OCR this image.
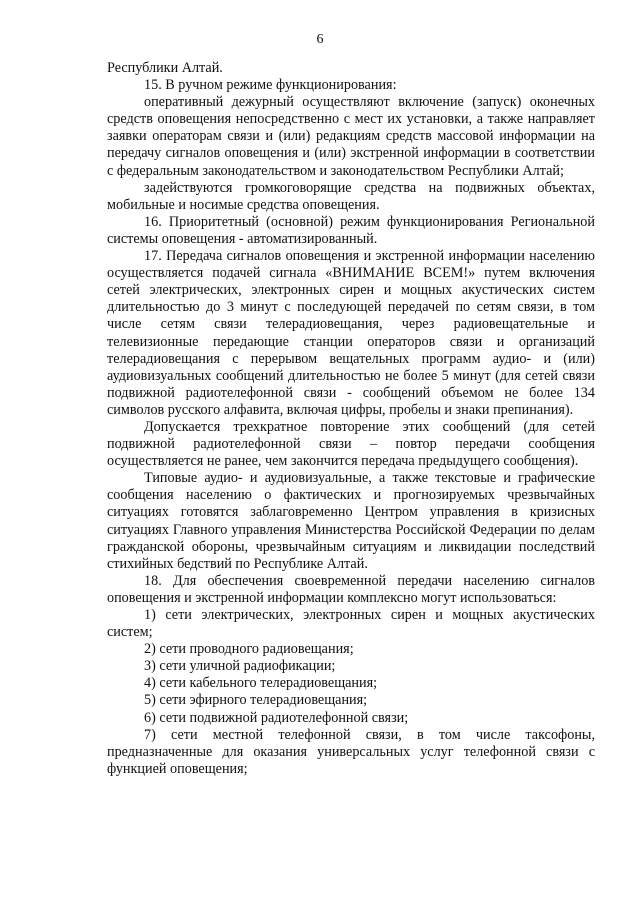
6

Республики Алтай.

15. В ручном режиме функционирования:

оперативный дежурный осуществляют включение (запуск) оконечных средств оповещения непосредственно с мест их установки, а также направляет заявки операторам связи и (или) редакциям средств массовой информации на передачу сигналов оповещения и (или) экстренной информации в соответствии с федеральным законодательством и законодательством Республики Алтай;

задействуются громкоговорящие средства на подвижных объектах, мобильные и носимые средства оповещения.

16. Приоритетный (основной) режим функционирования Региональной системы оповещения - автоматизированный.

17. Передача сигналов оповещения и экстренной информации населению осуществляется подачей сигнала «ВНИМАНИЕ ВСЕМ!» путем включения сетей электрических, электронных сирен и мощных акустических систем длительностью до 3 минут с последующей передачей по сетям связи, в том числе сетям связи телерадиовещания, через радиовещательные и телевизионные передающие станции операторов связи и организаций телерадиовещания с перерывом вещательных программ аудио- и (или) аудиовизуальных сообщений длительностью не более 5 минут (для сетей связи подвижной радиотелефонной связи - сообщений объемом не более 134 символов русского алфавита, включая цифры, пробелы и знаки препинания).

Допускается трехкратное повторение этих сообщений (для сетей подвижной радиотелефонной связи – повтор передачи сообщения осуществляется не ранее, чем закончится передача предыдущего сообщения).

Типовые аудио- и аудиовизуальные, а также текстовые и графические сообщения населению о фактических и прогнозируемых чрезвычайных ситуациях готовятся заблаговременно Центром управления в кризисных ситуациях Главного управления Министерства Российской Федерации по делам гражданской обороны, чрезвычайным ситуациям и ликвидации последствий стихийных бедствий по Республике Алтай.

18. Для обеспечения своевременной передачи населению сигналов оповещения и экстренной информации комплексно могут использоваться:

1) сети электрических, электронных сирен и мощных акустических систем;

2) сети проводного радиовещания;

3) сети уличной радиофикации;

4) сети кабельного телерадиовещания;

5) сети эфирного телерадиовещания;

6) сети подвижной радиотелефонной связи;

7) сети местной телефонной связи, в том числе таксофоны, предназначенные для оказания универсальных услуг телефонной связи с функцией оповещения;
